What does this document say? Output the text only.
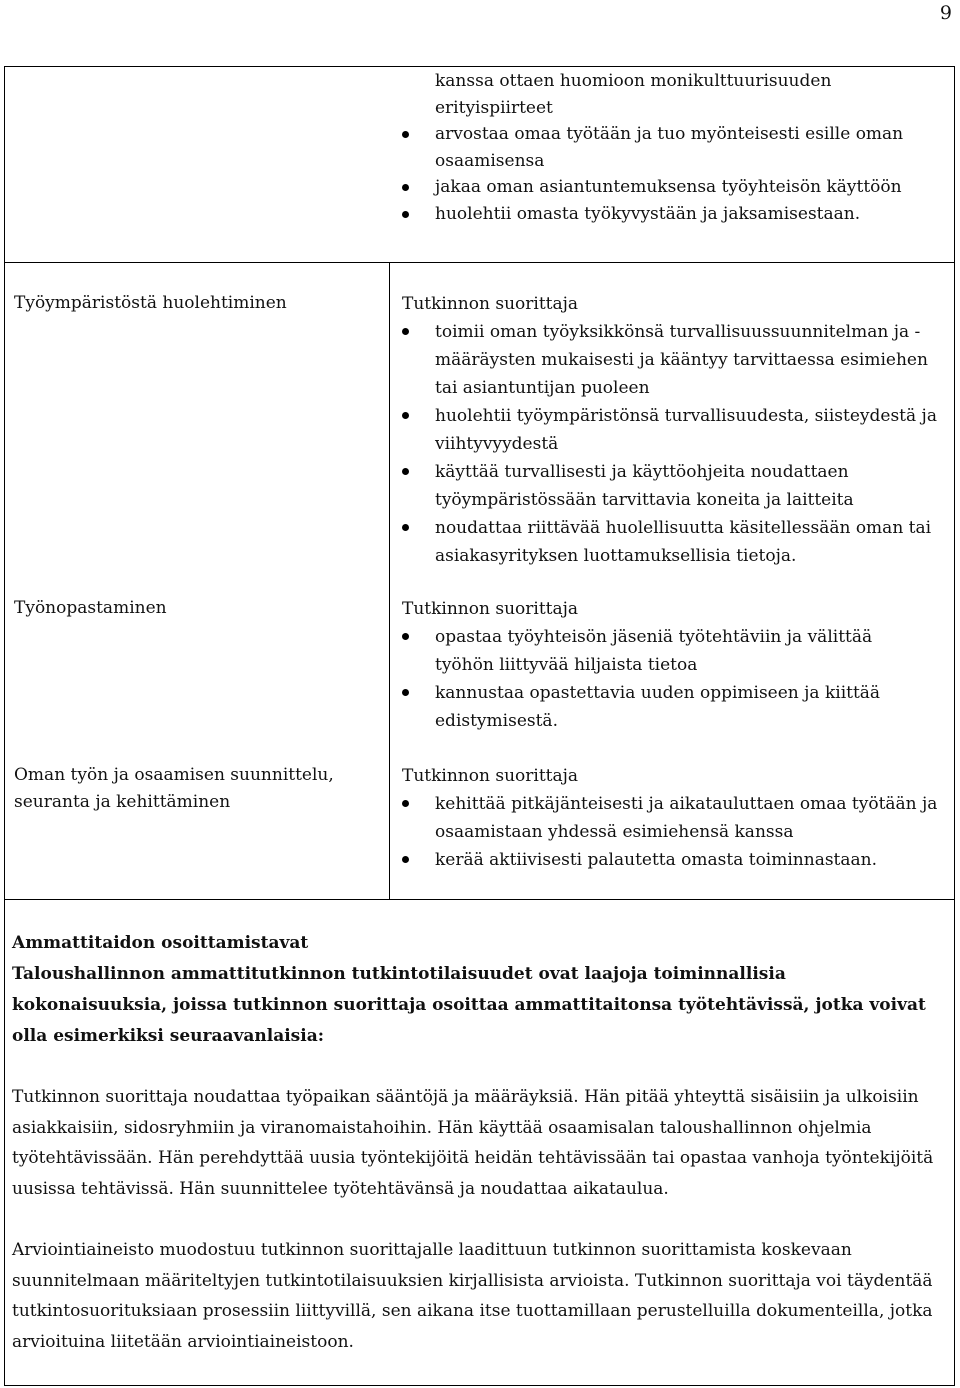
9
kanssa ottaen huomioon monikulttuurisuuden
erityispiirteet
arvostaa omaa työtään ja tuo myönteisesti esille oman osaamisensa
jakaa oman asiantuntemuksensa työyhteisön käyttöön
huolehtii omasta työkyvystään ja jaksamisestaan.
Työympäristöstä huolehtiminen	Tutkinnon suorittaja
toimii oman työyksikkönsä turvallisuussuunnitelman ja -määräysten mukaisesti ja kääntyy tarvittaessa esimiehen tai asiantuntijan puoleen
huolehtii työympäristönsä turvallisuudesta, siisteydestä ja viihtyvyydestä
käyttää turvallisesti ja käyttöohjeita noudattaen työympäristössään tarvittavia koneita ja laitteita
noudattaa riittävää huolellisuutta käsitellessään oman tai asiakasyrityksen luottamuksellisia tietoja.
Työnopastaminen	Tutkinnon suorittaja
opastaa työyhteisön jäseniä työtehtäviin ja välittää työhön liittyvää hiljaista tietoa
kannustaa opastettavia uuden oppimiseen ja kiittää edistymisestä.
Oman työn ja osaamisen suunnittelu, seuranta ja kehittäminen
Tutkinnon suorittaja
kehittää pitkäjänteisesti ja aikatauluttaen omaa työtään ja osaamistaan yhdessä esimiehensä kanssa
kerää aktiivisesti palautetta omasta toiminnastaan.
Ammattitaidon osoittamistavat
Taloushallinnon ammattitutkinnon tutkintotilaisuudet ovat laajoja toiminnallisia kokonaisuuksia, joissa tutkinnon suorittaja osoittaa ammattitaitonsa työtehtävissä, jotka voivat olla esimerkiksi seuraavanlaisia:
Tutkinnon suorittaja noudattaa työpaikan sääntöjä ja määräyksiä. Hän pitää yhteyttä sisäisiin ja ulkoisiin asiakkaisiin, sidosryhmiin ja viranomaistahoihin. Hän käyttää osaamisalan taloushallinnon ohjelmia työtehtävissään. Hän perehdyttää uusia työntekijöitä heidän tehtävissään tai opastaa vanhoja työntekijöitä uusissa tehtävissä. Hän suunnittelee työtehtävänsä ja noudattaa aikataulua.
Arviointiaineisto muodostuu tutkinnon suorittajalle laadittuun tutkinnon suorittamista koskevaan suunnitelmaan määriteltyjen tutkintotilaisuuksien kirjallisista arvioista. Tutkinnon suorittaja voi täydentää tutkintosuorituksiaan prosessiin liittyvillä, sen aikana itse tuottamillaan perustelluilla dokumenteilla, jotka arvioituina liitetään arviointiaineistoon.
